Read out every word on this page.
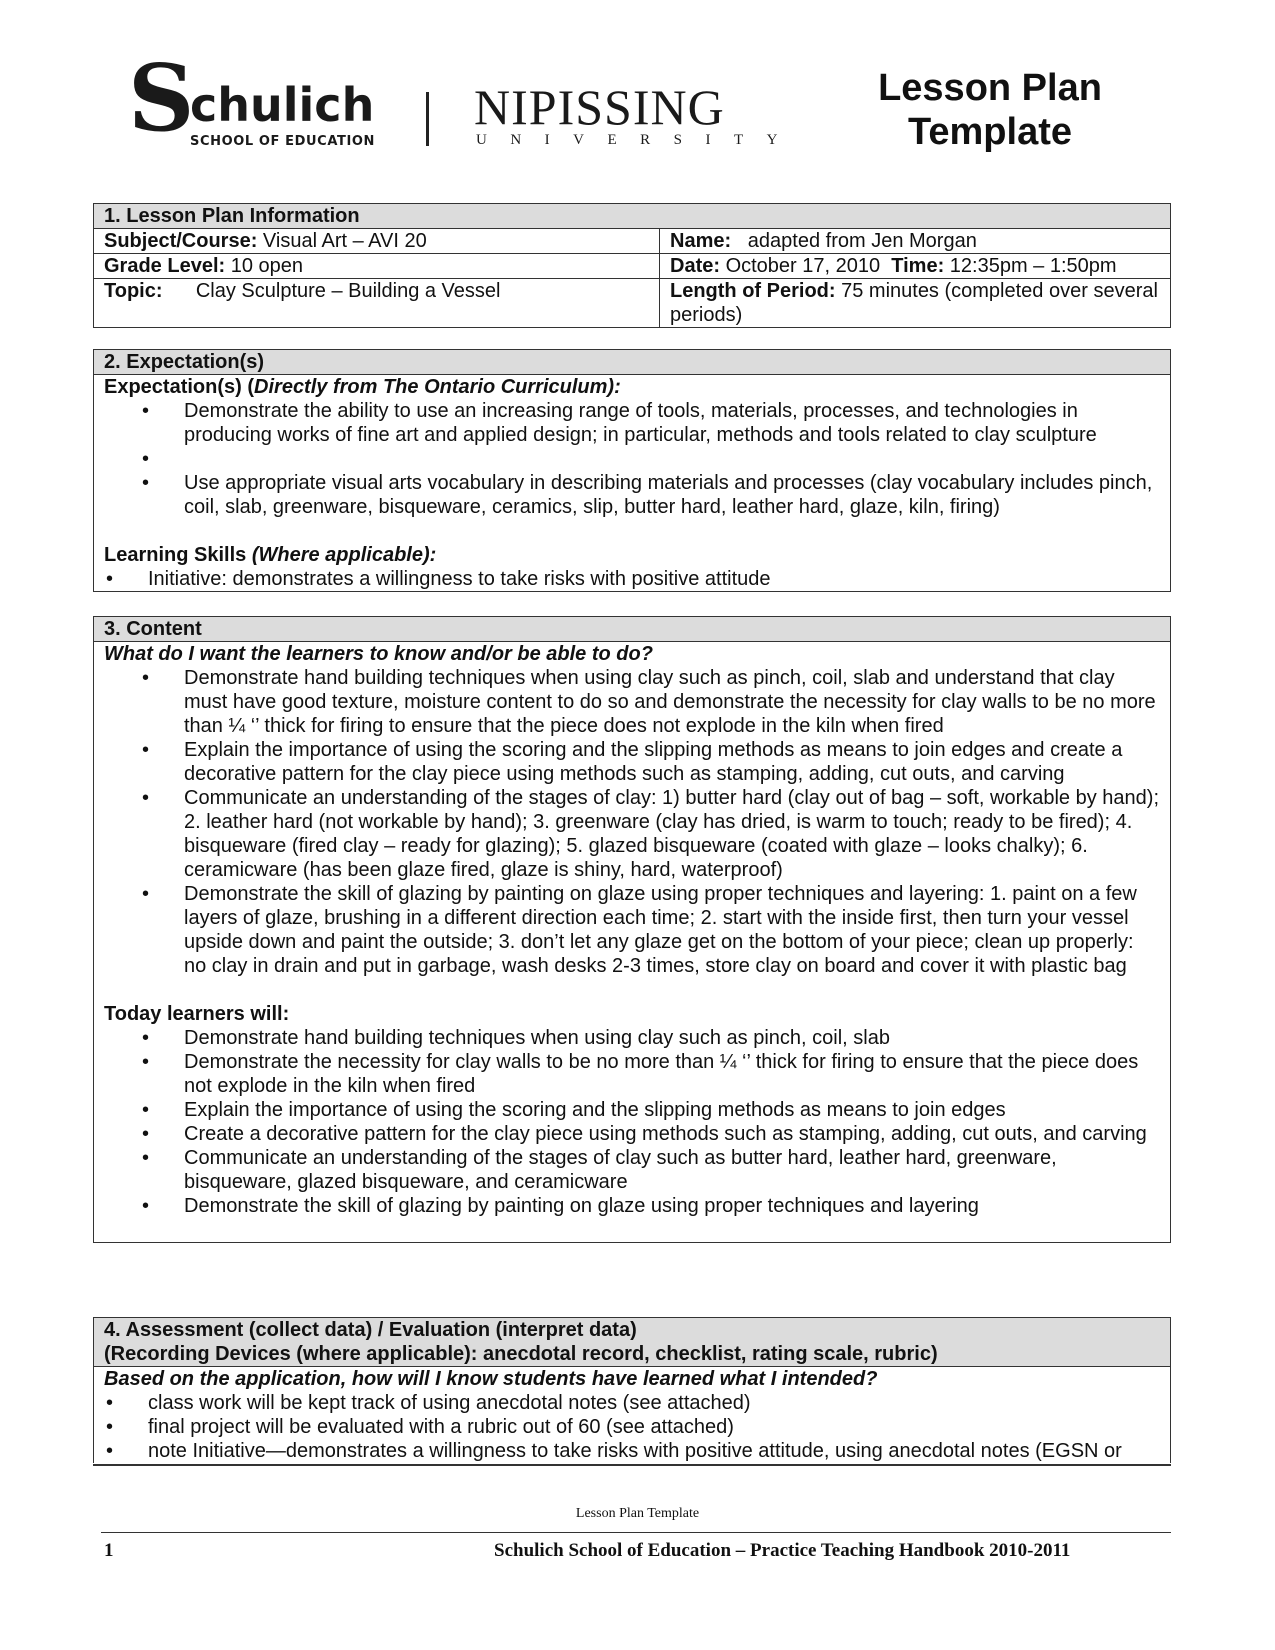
S
chulich
SCHOOL OF EDUCATION
NIPISSING
UNIVERSITY
Lesson Plan
Template
1. Lesson Plan Information
Subject/Course: Visual Art – AVI 20	Name:   adapted from Jen Morgan
Grade Level: 10 open	Date: October 17, 2010  Time: 12:35pm – 1:50pm
Topic:      Clay Sculpture – Building a Vessel	Length of Period: 75 minutes (completed over several periods)
2. Expectation(s)
Expectation(s) (Directly from The Ontario Curriculum):
• Demonstrate the ability to use an increasing range of tools, materials, processes, and technologies in producing works of fine art and applied design; in particular, methods and tools related to clay sculpture
•
• Use appropriate visual arts vocabulary in describing materials and processes (clay vocabulary includes pinch, coil, slab, greenware, bisqueware, ceramics, slip, butter hard, leather hard, glaze, kiln, firing)
Learning Skills (Where applicable):
• Initiative: demonstrates a willingness to take risks with positive attitude
3. Content
What do I want the learners to know and/or be able to do?
• Demonstrate hand building techniques when using clay such as pinch, coil, slab and understand that clay must have good texture, moisture content to do so and demonstrate the necessity for clay walls to be no more than ¼ ‘’ thick for firing to ensure that the piece does not explode in the kiln when fired
• Explain the importance of using the scoring and the slipping methods as means to join edges and create a decorative pattern for the clay piece using methods such as stamping, adding, cut outs, and carving
• Communicate an understanding of the stages of clay: 1) butter hard (clay out of bag – soft, workable by hand); 2. leather hard (not workable by hand); 3. greenware (clay has dried, is warm to touch; ready to be fired); 4. bisqueware (fired clay – ready for glazing); 5. glazed bisqueware (coated with glaze – looks chalky); 6. ceramicware (has been glaze fired, glaze is shiny, hard, waterproof)
• Demonstrate the skill of glazing by painting on glaze using proper techniques and layering: 1. paint on a few layers of glaze, brushing in a different direction each time; 2. start with the inside first, then turn your vessel upside down and paint the outside; 3. don’t let any glaze get on the bottom of your piece; clean up properly: no clay in drain and put in garbage, wash desks 2-3 times, store clay on board and cover it with plastic bag
Today learners will:
• Demonstrate hand building techniques when using clay such as pinch, coil, slab
• Demonstrate the necessity for clay walls to be no more than ¼ ‘’ thick for firing to ensure that the piece does not explode in the kiln when fired
• Explain the importance of using the scoring and the slipping methods as means to join edges
• Create a decorative pattern for the clay piece using methods such as stamping, adding, cut outs, and carving
• Communicate an understanding of the stages of clay such as butter hard, leather hard, greenware, bisqueware, glazed bisqueware, and ceramicware
• Demonstrate the skill of glazing by painting on glaze using proper techniques and layering
4. Assessment (collect data) / Evaluation (interpret data)
(Recording Devices (where applicable): anecdotal record, checklist, rating scale, rubric)
Based on the application, how will I know students have learned what I intended?
• class work will be kept track of using anecdotal notes (see attached)
• final project will be evaluated with a rubric out of 60 (see attached)
• note Initiative—demonstrates a willingness to take risks with positive attitude, using anecdotal notes (EGSN or
Lesson Plan Template
1	Schulich School of Education – Practice Teaching Handbook 2010-2011
